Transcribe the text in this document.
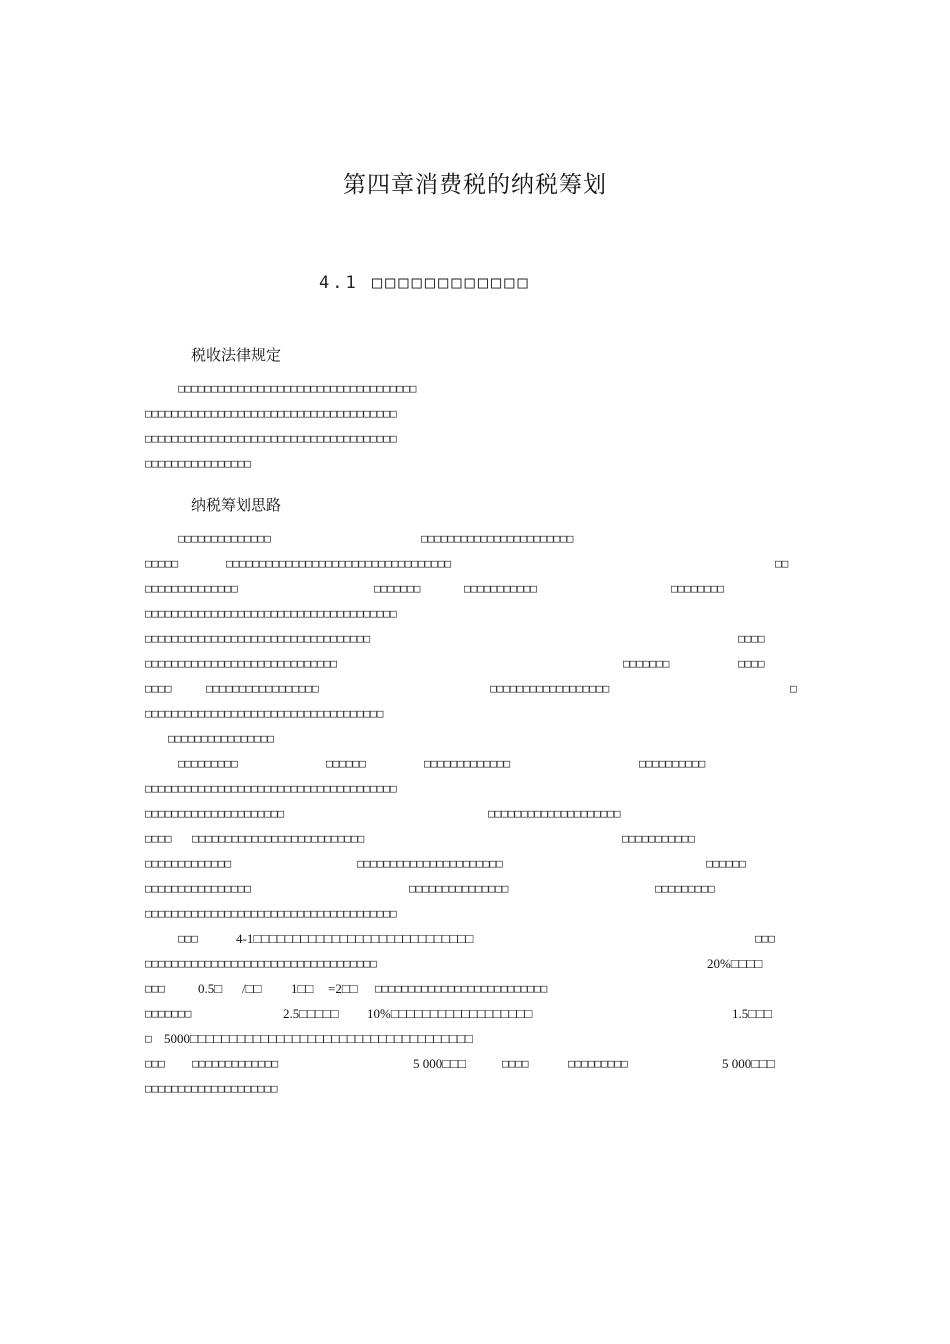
第四章消费税的纳税筹划
4.1 □□□□□□□□□□□□
税收法律规定
□□□□□□□□□□□□□□□□□□□□□□□□□□□□□□□□□□□□
□□□□□□□□□□□□□□□□□□□□□□□□□□□□□□□□□□□□□□
□□□□□□□□□□□□□□□□□□□□□□□□□□□□□□□□□□□□□□
□□□□□□□□□□□□□□□□
纳税筹划思路
□□□□□□□□□□□□□□	□□□□□□□□□□□□□□□□□□□□□□□
□□□□□	□□□□□□□□□□□□□□□□□□□□□□□□□□□□□□□□□□	□□
□□□□□□□□□□□□□□	□□□□□□□	□□□□□□□□□□□	□□□□□□□□
□□□□□□□□□□□□□□□□□□□□□□□□□□□□□□□□□□□□□□
□□□□□□□□□□□□□□□□□□□□□□□□□□□□□□□□□□	□□□□
□□□□□□□□□□□□□□□□□□□□□□□□□□□□□	□□□□□□□	□□□□
□□□□	□□□□□□□□□□□□□□□□□	□□□□□□□□□□□□□□□□□□	□
□□□□□□□□□□□□□□□□□□□□□□□□□□□□□□□□□□□□
□□□□□□□□□□□□□□□□
□□□□□□□□□	□□□□□□	□□□□□□□□□□□□□	□□□□□□□□□□
□□□□□□□□□□□□□□□□□□□□□□□□□□□□□□□□□□□□□□
□□□□□□□□□□□□□□□□□□□□□	□□□□□□□□□□□□□□□□□□□□
□□□□ □□□□□□□□□□□□□□□□□□□□□□□□□□	□□□□□□□□□□□
□□□□□□□□□□□□□	□□□□□□□□□□□□□□□□□□□□□□	□□□□□□
□□□□□□□□□□□□□□□□	□□□□□□□□□□□□□□□	□□□□□□□□□
□□□□□□□□□□□□□□□□□□□□□□□□□□□□□□□□□□□□□□
□□□	4-1□□□□□□□□□□□□□□□□□□□□□□□□□□□□	□□□
□□□□□□□□□□□□□□□□□□□□□□□□□□□□□□□□□□□	20%□□□□
□□□	0.5□ /□□ 1□□ =2□□ □□□□□□□□□□□□□□□□□□□□□□□□□□
□□□□□□□	2.5□□□□□ 10%□□□□□□□□□□□□□□□□□□	1.5□□□
□ 5000□□□□□□□□□□□□□□□□□□□□□□□□□□□□□□□□□□□□
□□□ □□□□□□□□□□□□□	5 000□□□	□□□□	□□□□□□□□□	5 000□□□
□□□□□□□□□□□□□□□□□□□□
